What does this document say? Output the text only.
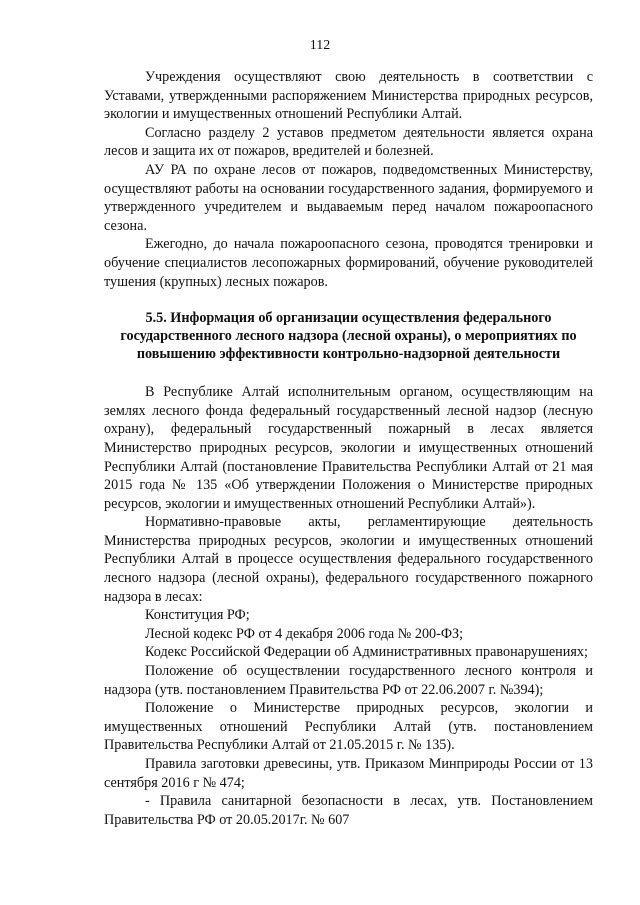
112

Учреждения осуществляют свою деятельность в соответствии с Уставами, утвержденными распоряжением Министерства природных ресурсов, экологии и имущественных отношений Республики Алтай.

Согласно разделу 2 уставов предметом деятельности является охрана лесов и защита их от пожаров, вредителей и болезней.

АУ РА по охране лесов от пожаров, подведомственных Министерству, осуществляют работы на основании государственного задания, формируемого и утвержденного учредителем и выдаваемым перед началом пожароопасного сезона.

Ежегодно, до начала пожароопасного сезона, проводятся тренировки и обучение специалистов лесопожарных формирований, обучение руководителей тушения (крупных) лесных пожаров.

5.5. Информация об организации осуществления федерального
государственного лесного надзора (лесной охраны), о мероприятиях по
повышению эффективности контрольно-надзорной деятельности

В Республике Алтай исполнительным органом, осуществляющим на землях лесного фонда федеральный государственный лесной надзор (лесную охрану), федеральный государственный пожарный в лесах является Министерство природных ресурсов, экологии и имущественных отношений Республики Алтай (постановление Правительства Республики Алтай от 21 мая 2015 года № 135 «Об утверждении Положения о Министерстве природных ресурсов, экологии и имущественных отношений Республики Алтай»).

Нормативно-правовые акты, регламентирующие деятельность Министерства природных ресурсов, экологии и имущественных отношений Республики Алтай в процессе осуществления федерального государственного лесного надзора (лесной охраны), федерального государственного пожарного надзора в лесах:

Конституция РФ;

Лесной кодекс РФ от 4 декабря 2006 года № 200-ФЗ;

Кодекс Российской Федерации об Административных правонарушениях;

Положение об осуществлении государственного лесного контроля и надзора (утв. постановлением Правительства РФ от 22.06.2007 г. №394);

Положение о Министерстве природных ресурсов, экологии и имущественных отношений Республики Алтай (утв. постановлением Правительства Республики Алтай от 21.05.2015 г. № 135).

Правила заготовки древесины, утв. Приказом Минприроды России от 13 сентября 2016 г № 474;

- Правила санитарной безопасности в лесах, утв. Постановлением Правительства РФ от 20.05.2017г. № 607
